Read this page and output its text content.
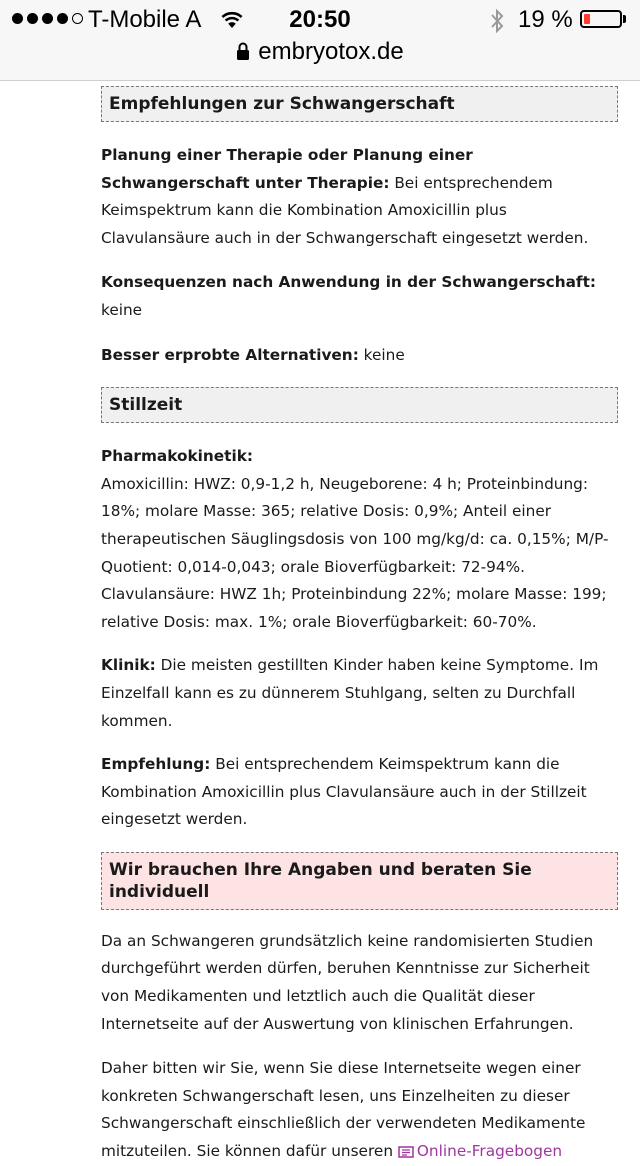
T-Mobile A	20:50	19 %
embryotox.de
Empfehlungen zur Schwangerschaft

Planung einer Therapie oder Planung einer Schwangerschaft unter Therapie: Bei entsprechendem Keimspektrum kann die Kombination Amoxicillin plus Clavulansäure auch in der Schwangerschaft eingesetzt werden.

Konsequenzen nach Anwendung in der Schwangerschaft: keine

Besser erprobte Alternativen: keine

Stillzeit

Pharmakokinetik:
Amoxicillin: HWZ: 0,9-1,2 h, Neugeborene: 4 h; Proteinbindung: 18%; molare Masse: 365; relative Dosis: 0,9%; Anteil einer therapeutischen Säuglingsdosis von 100 mg/kg/d: ca. 0,15%; M/P-Quotient: 0,014-0,043; orale Bioverfügbarkeit: 72-94%. Clavulansäure: HWZ 1h; Proteinbindung 22%; molare Masse: 199; relative Dosis: max. 1%; orale Bioverfügbarkeit: 60-70%.

Klinik: Die meisten gestillten Kinder haben keine Symptome. Im Einzelfall kann es zu dünnerem Stuhlgang, selten zu Durchfall kommen.

Empfehlung: Bei entsprechendem Keimspektrum kann die Kombination Amoxicillin plus Clavulansäure auch in der Stillzeit eingesetzt werden.

Wir brauchen Ihre Angaben und beraten Sie individuell

Da an Schwangeren grundsätzlich keine randomisierten Studien durchgeführt werden dürfen, beruhen Kenntnisse zur Sicherheit von Medikamenten und letztlich auch die Qualität dieser Internetseite auf der Auswertung von klinischen Erfahrungen.

Daher bitten wir Sie, wenn Sie diese Internetseite wegen einer konkreten Schwangerschaft lesen, uns Einzelheiten zu dieser Schwangerschaft einschließlich der verwendeten Medikamente mitzuteilen. Sie können dafür unseren Online-Fragebogen
